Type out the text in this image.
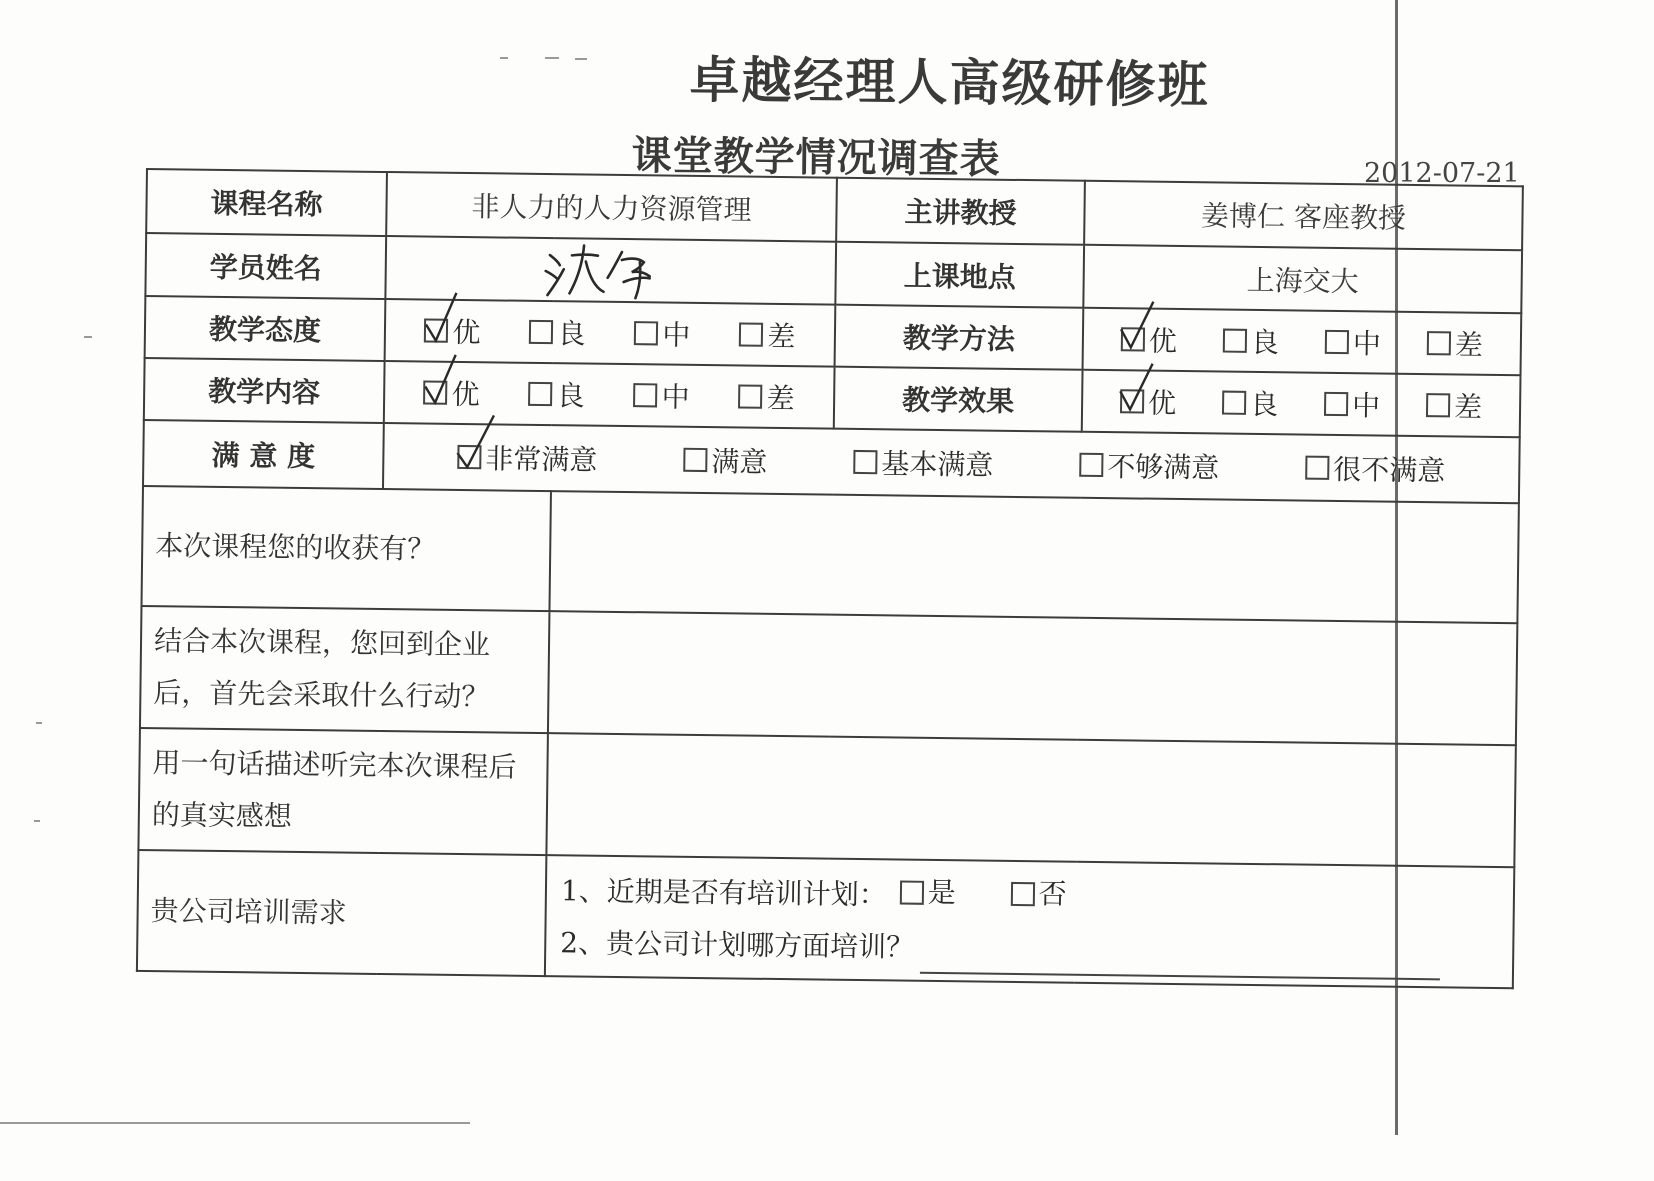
卓越经理人高级研修班
课堂教学情况调查表	2012-07-21
课程名称	非人力的人力资源管理		主讲教授	姜博仁 客座教授
学员姓名			上课地点	上海交大
教学态度	优 良 中 差		教学方法	优 良 中 差

教学内容	优 良 中 差		教学效果	优 良 中 差

满 意 度	非常满意 满意 基本满意 不够满意 很不满意			

本次课程您的收获有？				
结合本次课程，您回到企业后，首先会采取什么行动？				
用一句话描述听完本次课程后的真实感想				
贵公司培训需求		1、近期是否有培训计划： 是
否
2、贵公司计划哪方面培训？		
